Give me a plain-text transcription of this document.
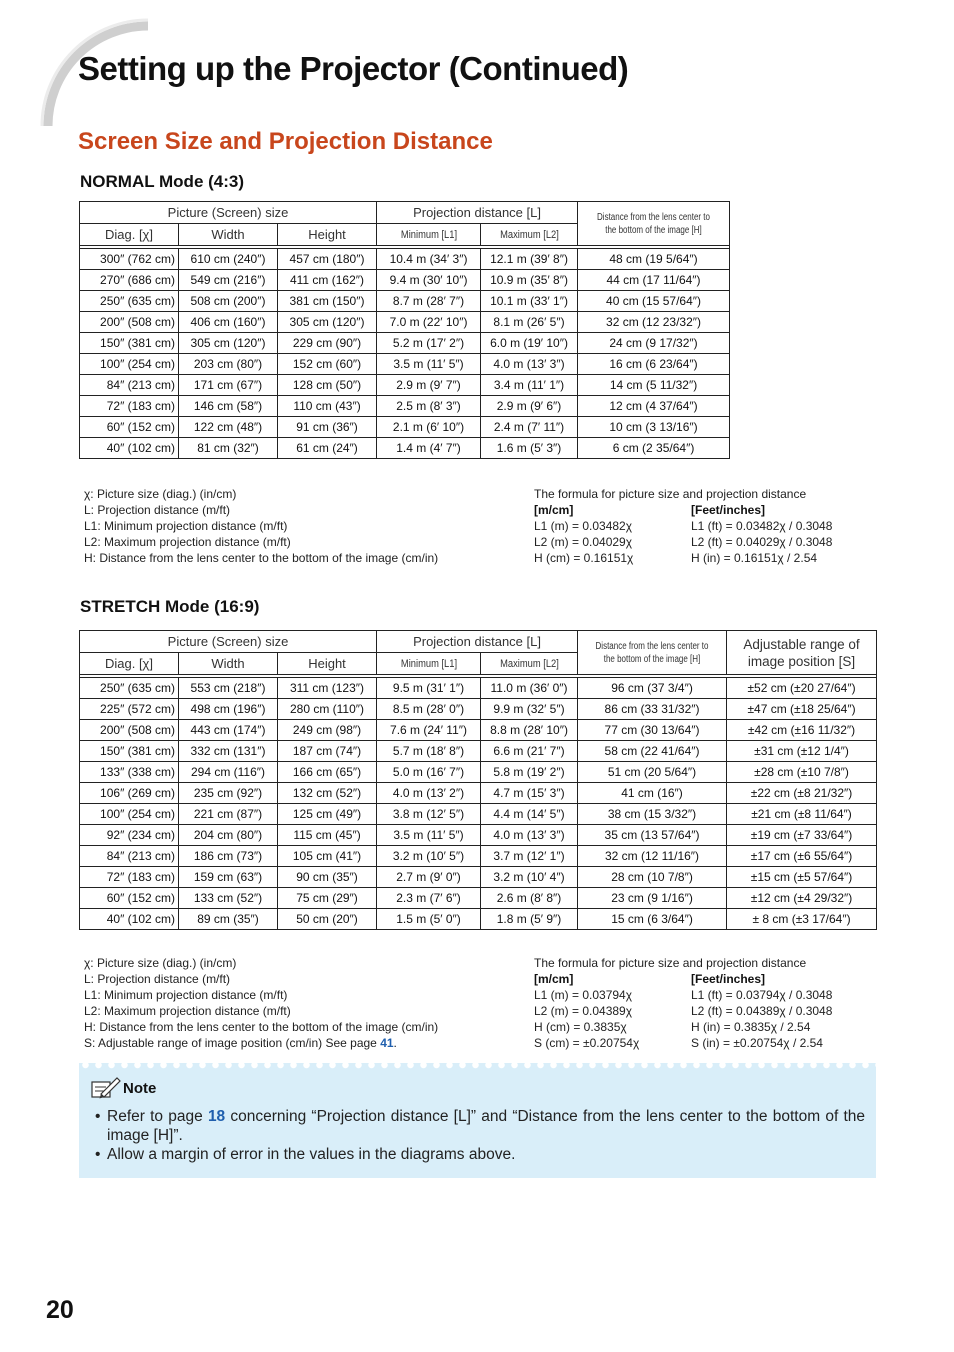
Setting up the Projector (Continued)
Screen Size and Projection Distance
NORMAL Mode (4:3)
Picture (Screen) size			Projection distance [L]		Distance from the lens center to the bottom of the image [H]

Diag. [χ]	Width	Height	Minimum [L1]	Maximum [L2]	

300″ (762 cm)	610 cm (240″)	457 cm (180″)	10.4 m (34′ 3″)	12.1 m (39′ 8″)	48 cm (19 5/64″)
270″ (686 cm)	549 cm (216″)	411 cm (162″)	9.4 m (30′ 10″)	10.9 m (35′ 8″)	44 cm (17 11/64″)
250″ (635 cm)	508 cm (200″)	381 cm (150″)	8.7 m (28′ 7″)	10.1 m (33′ 1″)	40 cm (15 57/64″)
200″ (508 cm)	406 cm (160″)	305 cm (120″)	7.0 m (22′ 10″)	8.1 m (26′ 5″)	32 cm (12 23/32″)
150″ (381 cm)	305 cm (120″)	229 cm (90″)	5.2 m (17′ 2″)	6.0 m (19′ 10″)	24 cm (9 17/32″)
100″ (254 cm)	203 cm (80″)	152 cm (60″)	3.5 m (11′ 5″)	4.0 m (13′ 3″)	16 cm (6 23/64″)
84″ (213 cm)	171 cm (67″)	128 cm (50″)	2.9 m (9′ 7″)	3.4 m (11′ 1″)	14 cm (5 11/32″)
72″ (183 cm)	146 cm (58″)	110 cm (43″)	2.5 m (8′ 3″)	2.9 m (9′ 6″)	12 cm (4 37/64″)
60″ (152 cm)	122 cm (48″)	91 cm (36″)	2.1 m (6′ 10″)	2.4 m (7′ 11″)	10 cm (3 13/16″)
40″ (102 cm)	81 cm (32″)	61 cm (24″)	1.4 m (4′ 7″)	1.6 m (5′ 3″)	6 cm (2 35/64″)
χ: Picture size (diag.) (in/cm)
L: Projection distance (m/ft)
L1: Minimum projection distance (m/ft)
L2: Maximum projection distance (m/ft)
H: Distance from the lens center to the bottom of the image (cm/in)
The formula for picture size and projection distance
[m/cm]
L1 (m) = 0.03482χ
L2 (m) = 0.04029χ
H (cm) = 0.16151χ
[Feet/inches]
L1 (ft) = 0.03482χ / 0.3048
L2 (ft) = 0.04029χ / 0.3048
H (in) = 0.16151χ / 2.54
STRETCH Mode (16:9)
Picture (Screen) size			Projection distance [L]		Distance from the lens center to the bottom of the image [H]	Adjustable range of image position [S]
Diag. [χ]	Width	Height	Minimum [L1]	Maximum [L2]		

250″ (635 cm)	553 cm (218″)	311 cm (123″)	9.5 m (31′ 1″)	11.0 m (36′ 0″)	96 cm (37 3/4″)	±52 cm (±20 27/64″)
225″ (572 cm)	498 cm (196″)	280 cm (110″)	8.5 m (28′ 0″)	9.9 m (32′ 5″)	86 cm (33 31/32″)	±47 cm (±18 25/64″)
200″ (508 cm)	443 cm (174″)	249 cm (98″)	7.6 m (24′ 11″)	8.8 m (28′ 10″)	77 cm (30 13/64″)	±42 cm (±16 11/32″)
150″ (381 cm)	332 cm (131″)	187 cm (74″)	5.7 m (18′ 8″)	6.6 m (21′ 7″)	58 cm (22 41/64″)	±31 cm (±12 1/4″)
133″ (338 cm)	294 cm (116″)	166 cm (65″)	5.0 m (16′ 7″)	5.8 m (19′ 2″)	51 cm (20 5/64″)	±28 cm (±10 7/8″)
106″ (269 cm)	235 cm (92″)	132 cm (52″)	4.0 m (13′ 2″)	4.7 m (15′ 3″)	41 cm (16″)	±22 cm (±8 21/32″)
100″ (254 cm)	221 cm (87″)	125 cm (49″)	3.8 m (12′ 5″)	4.4 m (14′ 5″)	38 cm (15 3/32″)	±21 cm (±8 11/64″)
92″ (234 cm)	204 cm (80″)	115 cm (45″)	3.5 m (11′ 5″)	4.0 m (13′ 3″)	35 cm (13 57/64″)	±19 cm (±7 33/64″)
84″ (213 cm)	186 cm (73″)	105 cm (41″)	3.2 m (10′ 5″)	3.7 m (12′ 1″)	32 cm (12 11/16″)	±17 cm (±6 55/64″)
72″ (183 cm)	159 cm (63″)	90 cm (35″)	2.7 m (9′ 0″)	3.2 m (10′ 4″)	28 cm (10 7/8″)	±15 cm (±5 57/64″)
60″ (152 cm)	133 cm (52″)	75 cm (29″)	2.3 m (7′ 6″)	2.6 m (8′ 8″)	23 cm (9 1/16″)	±12 cm (±4 29/32″)
40″ (102 cm)	89 cm (35″)	50 cm (20″)	1.5 m (5′ 0″)	1.8 m (5′ 9″)	15 cm (6 3/64″)	± 8 cm (±3 17/64″)
χ: Picture size (diag.) (in/cm)
L: Projection distance (m/ft)
L1: Minimum projection distance (m/ft)
L2: Maximum projection distance (m/ft)
H: Distance from the lens center to the bottom of the image (cm/in)
S: Adjustable range of image position (cm/in) See page 41.
The formula for picture size and projection distance
[m/cm]
L1 (m) = 0.03794χ
L2 (m) = 0.04389χ
H (cm) = 0.3835χ
S (cm) = ±0.20754χ
[Feet/inches]
L1 (ft) = 0.03794χ / 0.3048
L2 (ft) = 0.04389χ / 0.3048
H (in) = 0.3835χ / 2.54
S (in) = ±0.20754χ / 2.54
Note
• Refer to page 18 concerning “Projection distance [L]” and “Distance from the lens center to the bottom of the image [H]”.
• Allow a margin of error in the values in the diagrams above.
20
